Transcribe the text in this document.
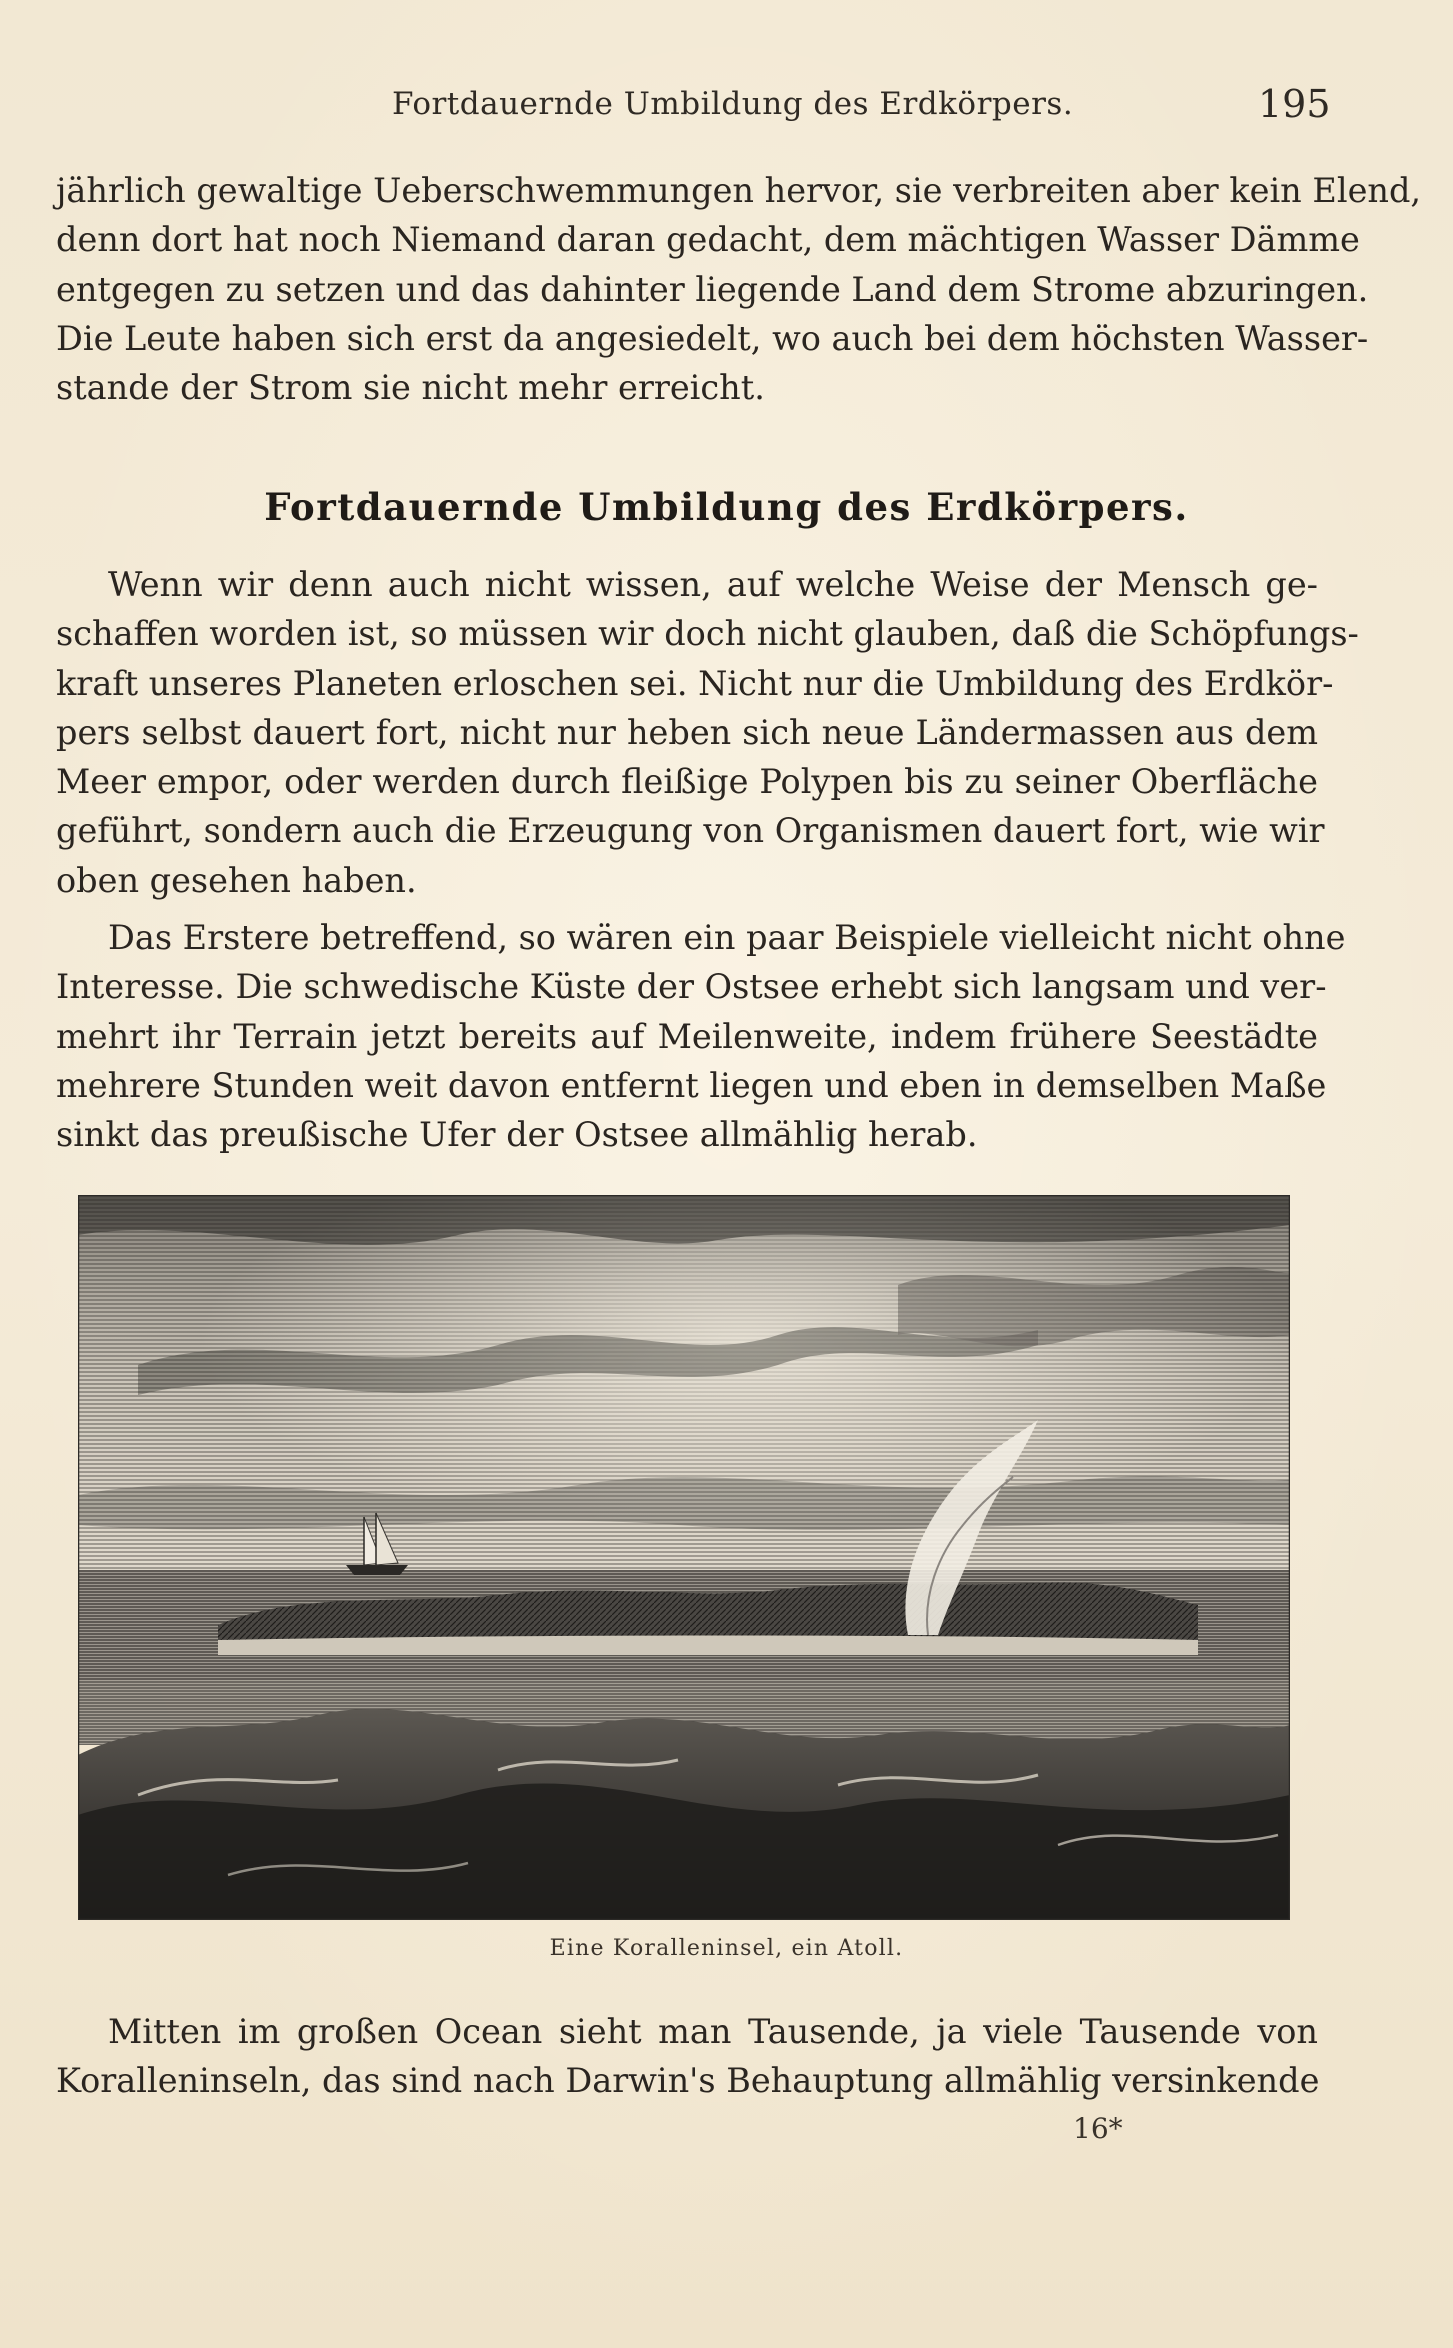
Fortdauernde Umbildung des Erdkörpers.	195
jährlich gewaltige Ueberschwemmungen hervor, sie verbreiten aber kein Elend,
denn dort hat noch Niemand daran gedacht, dem mächtigen Wasser Dämme
entgegen zu setzen und das dahinter liegende Land dem Strome abzuringen.
Die Leute haben sich erst da angesiedelt, wo auch bei dem höchsten Wasser-
stande der Strom sie nicht mehr erreicht.
Fortdauernde Umbildung des Erdkörpers.
Wenn wir denn auch nicht wissen, auf welche Weise der Mensch ge-
schaffen worden ist, so müssen wir doch nicht glauben, daß die Schöpfungs-
kraft unseres Planeten erloschen sei. Nicht nur die Umbildung des Erdkör-
pers selbst dauert fort, nicht nur heben sich neue Ländermassen aus dem
Meer empor, oder werden durch fleißige Polypen bis zu seiner Oberfläche
geführt, sondern auch die Erzeugung von Organismen dauert fort, wie wir
oben gesehen haben.
Das Erstere betreffend, so wären ein paar Beispiele vielleicht nicht ohne
Interesse. Die schwedische Küste der Ostsee erhebt sich langsam und ver-
mehrt ihr Terrain jetzt bereits auf Meilenweite, indem frühere Seestädte
mehrere Stunden weit davon entfernt liegen und eben in demselben Maße
sinkt das preußische Ufer der Ostsee allmählig herab.
Eine Koralleninsel, ein Atoll.
Mitten im großen Ocean sieht man Tausende, ja viele Tausende von
Koralleninseln, das sind nach Darwin's Behauptung allmählig versinkende
16*
